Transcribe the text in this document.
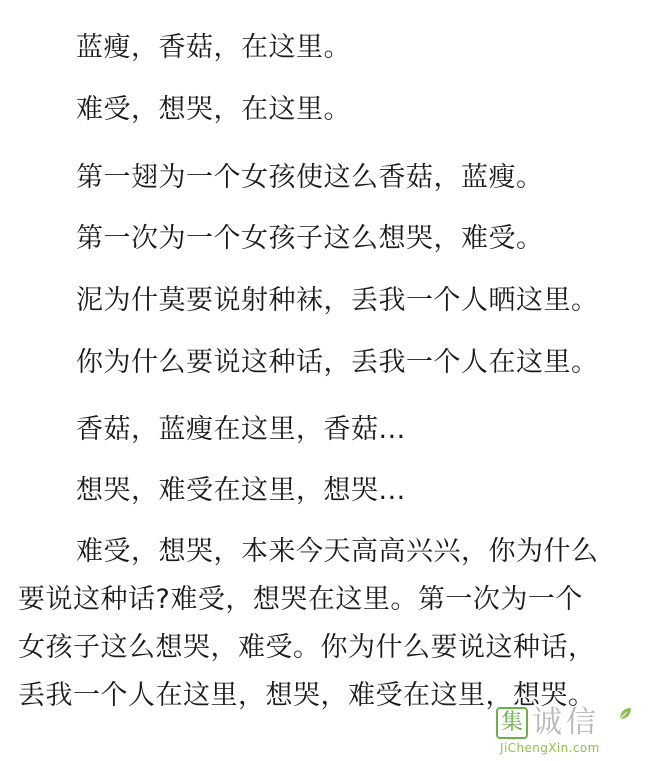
蓝瘦，香菇，在这里。
难受，想哭，在这里。
第一翅为一个女孩使这么香菇，蓝瘦。
第一次为一个女孩子这么想哭，难受。
泥为什莫要说射种袜，丢我一个人晒这里。
你为什么要说这种话，丢我一个人在这里。
香菇，蓝瘦在这里，香菇...
想哭，难受在这里，想哭...
难受，想哭，本来今天高高兴兴，你为什么
要说这种话?难受，想哭在这里。第一次为一个
女孩子这么想哭，难受。你为什么要说这种话，
丢我一个人在这里，想哭，难受在这里，想哭。
集 诚 信
JiChengXin.com
